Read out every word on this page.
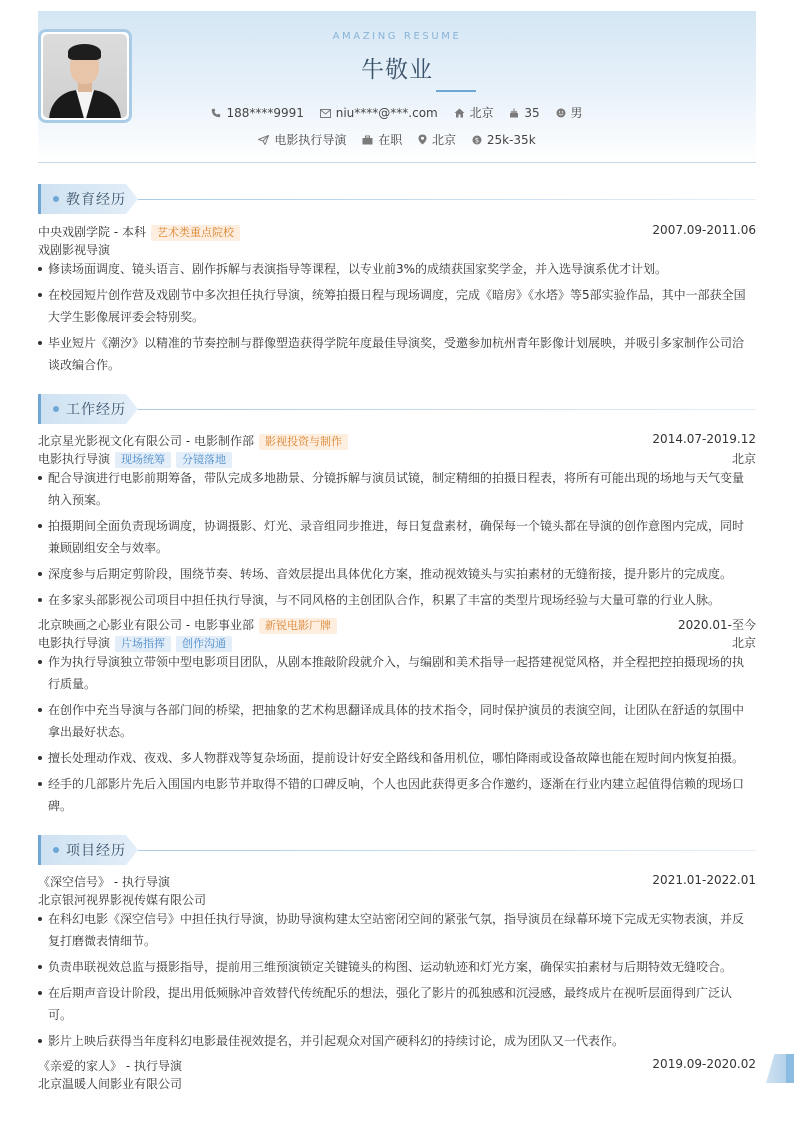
AMAZING RESUME
牛敬业
188****9991	niu****@***.com	北京	35	男
电影执行导演	在职 北京	$ 25k-35k
教育经历
中央戏剧学院 - 本科 艺术类重点院校	2007.09-2011.06
戏剧影视导演
修读场面调度、镜头语言、剧作拆解与表演指导等课程，以专业前3%的成绩获国家奖学金，并入选导演系优才计划。
在校园短片创作营及戏剧节中多次担任执行导演，统筹拍摄日程与现场调度，完成《暗房》《水塔》等5部实验作品，其中一部获全国
大学生影像展评委会特别奖。
毕业短片《潮汐》以精准的节奏控制与群像塑造获得学院年度最佳导演奖，受邀参加杭州青年影像计划展映，并吸引多家制作公司洽
谈改编合作。
工作经历
北京星光影视文化有限公司 - 电影制作部 影视投资与制作	2014.07-2019.12
电影执行导演 现场统筹 分镜落地	北京
配合导演进行电影前期筹备，带队完成多地勘景、分镜拆解与演员试镜，制定精细的拍摄日程表，将所有可能出现的场地与天气变量
纳入预案。
拍摄期间全面负责现场调度，协调摄影、灯光、录音组同步推进，每日复盘素材，确保每一个镜头都在导演的创作意图内完成，同时
兼顾剧组安全与效率。
深度参与后期定剪阶段，围绕节奏、转场、音效层提出具体优化方案，推动视效镜头与实拍素材的无缝衔接，提升影片的完成度。
在多家头部影视公司项目中担任执行导演，与不同风格的主创团队合作，积累了丰富的类型片现场经验与大量可靠的行业人脉。
北京映画之心影业有限公司 - 电影事业部 新锐电影厂牌	2020.01-至今
电影执行导演 片场指挥 创作沟通	北京
作为执行导演独立带领中型电影项目团队，从剧本推敲阶段就介入，与编剧和美术指导一起搭建视觉风格，并全程把控拍摄现场的执
行质量。
在创作中充当导演与各部门间的桥梁，把抽象的艺术构思翻译成具体的技术指令，同时保护演员的表演空间，让团队在舒适的氛围中
拿出最好状态。
擅长处理动作戏、夜戏、多人物群戏等复杂场面，提前设计好安全路线和备用机位，哪怕降雨或设备故障也能在短时间内恢复拍摄。
经手的几部影片先后入围国内电影节并取得不错的口碑反响，个人也因此获得更多合作邀约，逐渐在行业内建立起值得信赖的现场口
碑。
项目经历
《深空信号》 - 执行导演	2021.01-2022.01
北京银河视界影视传媒有限公司
在科幻电影《深空信号》中担任执行导演，协助导演构建太空站密闭空间的紧张气氛，指导演员在绿幕环境下完成无实物表演，并反
复打磨微表情细节。
负责串联视效总监与摄影指导，提前用三维预演锁定关键镜头的构图、运动轨迹和灯光方案，确保实拍素材与后期特效无缝咬合。
在后期声音设计阶段，提出用低频脉冲音效替代传统配乐的想法，强化了影片的孤独感和沉浸感，最终成片在视听层面得到广泛认
可。
影片上映后获得当年度科幻电影最佳视效提名，并引起观众对国产硬科幻的持续讨论，成为团队又一代表作。
《亲爱的家人》 - 执行导演	2019.09-2020.02
北京温暖人间影业有限公司
